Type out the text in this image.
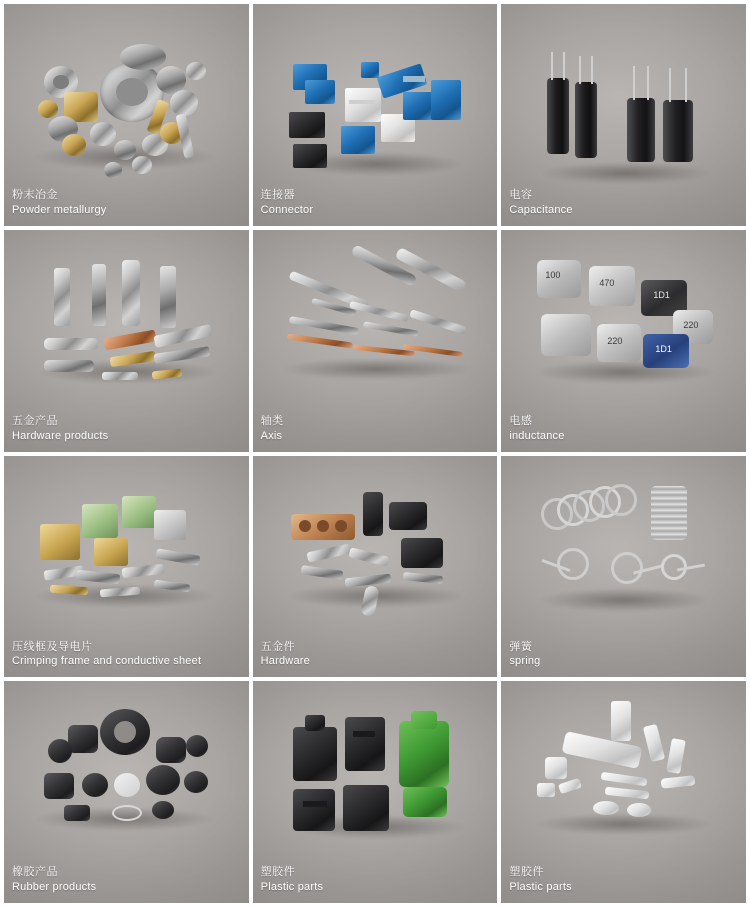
粉末冶金
Powder metallurgy
连接器
Connector
电容
Capacitance
五金产品
Hardware products
轴类
Axis
100
470
1D1
220
220
1D1
电感
inductance
压线框及导电片
Crimping frame and conductive sheet
五金件
Hardware
弹簧
spring
橡胶产品
Rubber products
塑胶件
Plastic parts
塑胶件
Plastic parts
